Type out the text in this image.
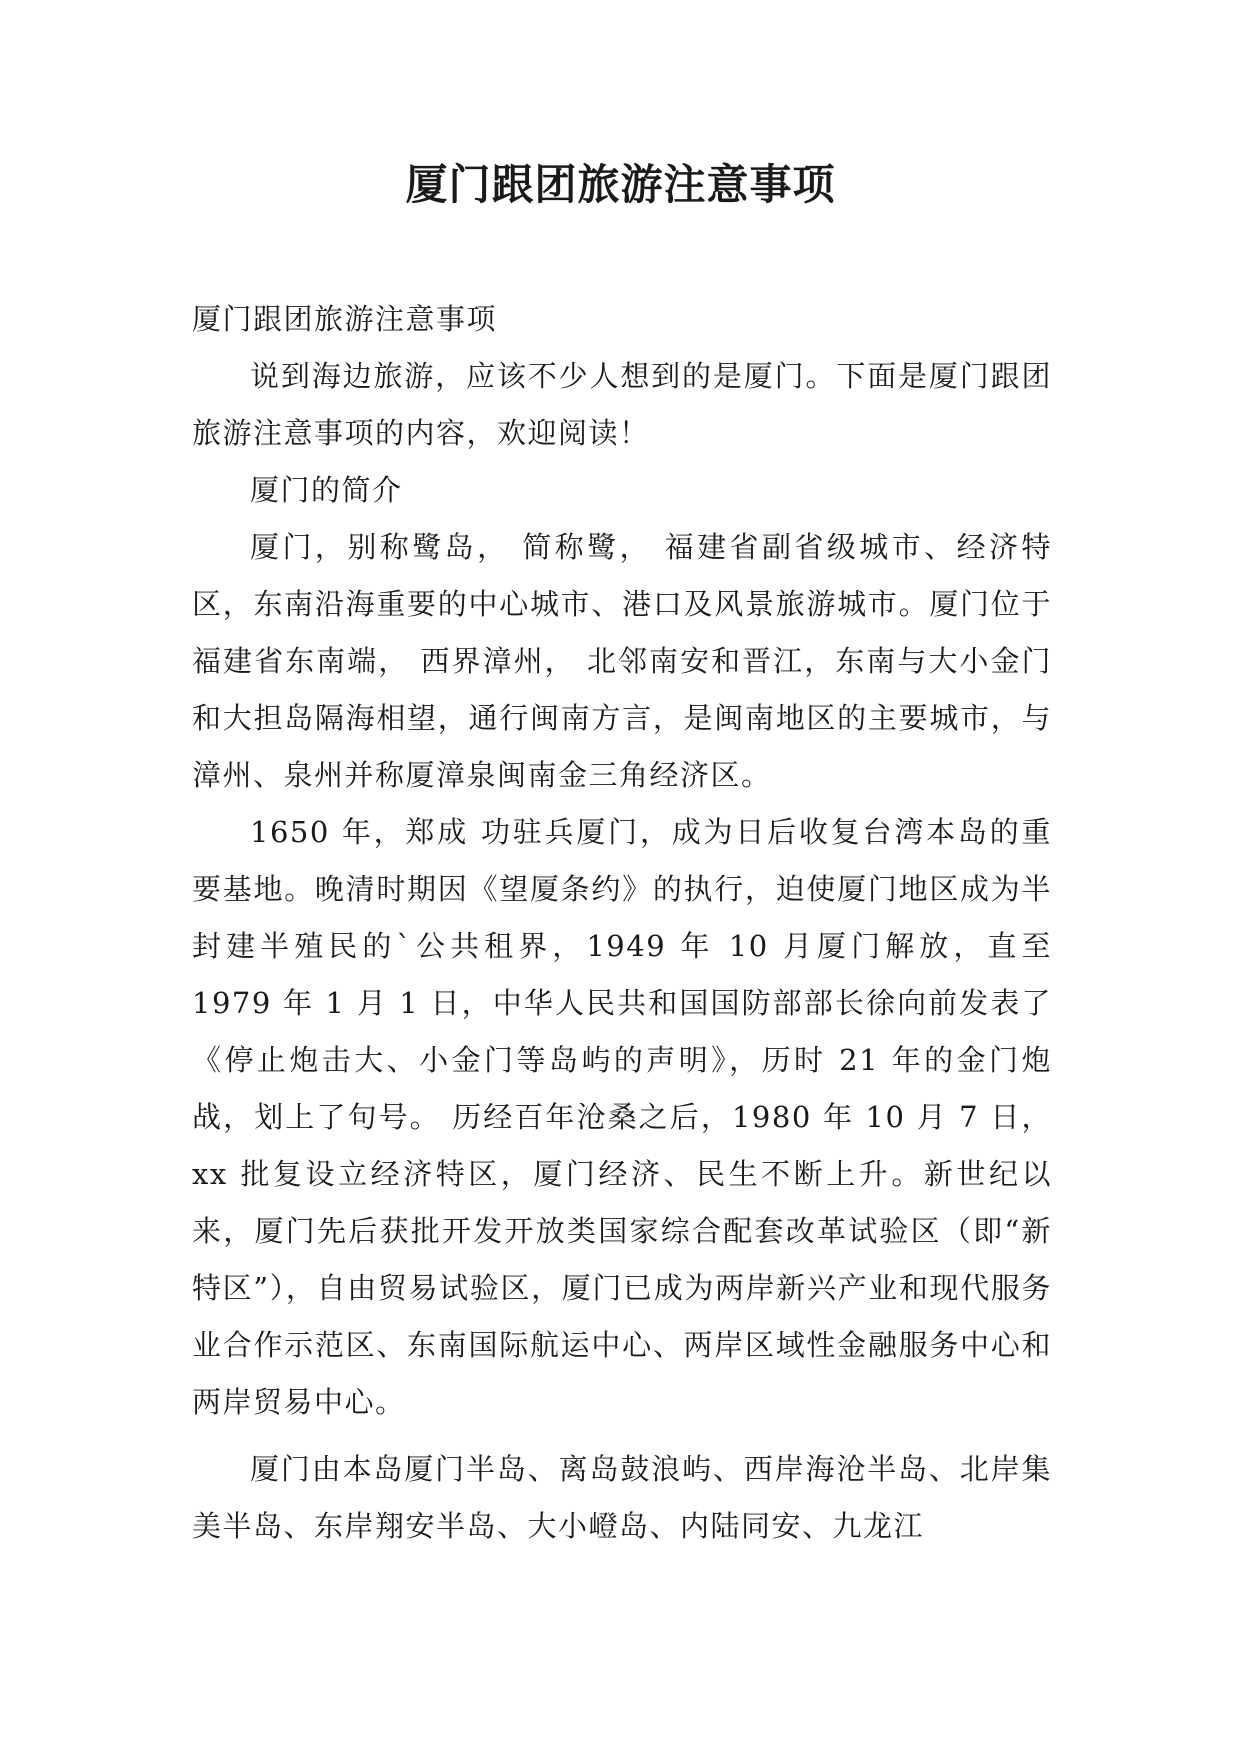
厦门跟团旅游注意事项

厦门跟团旅游注意事项

说到海边旅游，应该不少人想到的是厦门。下面是厦门跟团旅游注意事项的内容，欢迎阅读！

厦门的简介

厦门，别称鹭岛， 简称鹭， 福建省副省级城市、经济特区，东南沿海重要的中心城市、港口及风景旅游城市。厦门位于福建省东南端， 西界漳州， 北邻南安和晋江，东南与大小金门和大担岛隔海相望，通行闽南方言，是闽南地区的主要城市，与漳州、泉州并称厦漳泉闽南金三角经济区。

1650 年，郑成 功驻兵厦门，成为日后收复台湾本岛的重要基地。晚清时期因《望厦条约》的执行，迫使厦门地区成为半封建半殖民的`公共租界，1949 年 10 月厦门解放，直至 1979 年 1 月 1 日，中华人民共和国国防部部长徐向前发表了《停止炮击大、小金门等岛屿的声明》，历时 21 年的金门炮战，划上了句号。 历经百年沧桑之后，1980 年 10 月 7 日，xx 批复设立经济特区，厦门经济、民生不断上升。新世纪以来，厦门先后获批开发开放类国家综合配套改革试验区（即“新特区”），自由贸易试验区，厦门已成为两岸新兴产业和现代服务业合作示范区、东南国际航运中心、两岸区域性金融服务中心和两岸贸易中心。

厦门由本岛厦门半岛、离岛鼓浪屿、西岸海沧半岛、北岸集美半岛、东岸翔安半岛、大小嶝岛、内陆同安、九龙江
